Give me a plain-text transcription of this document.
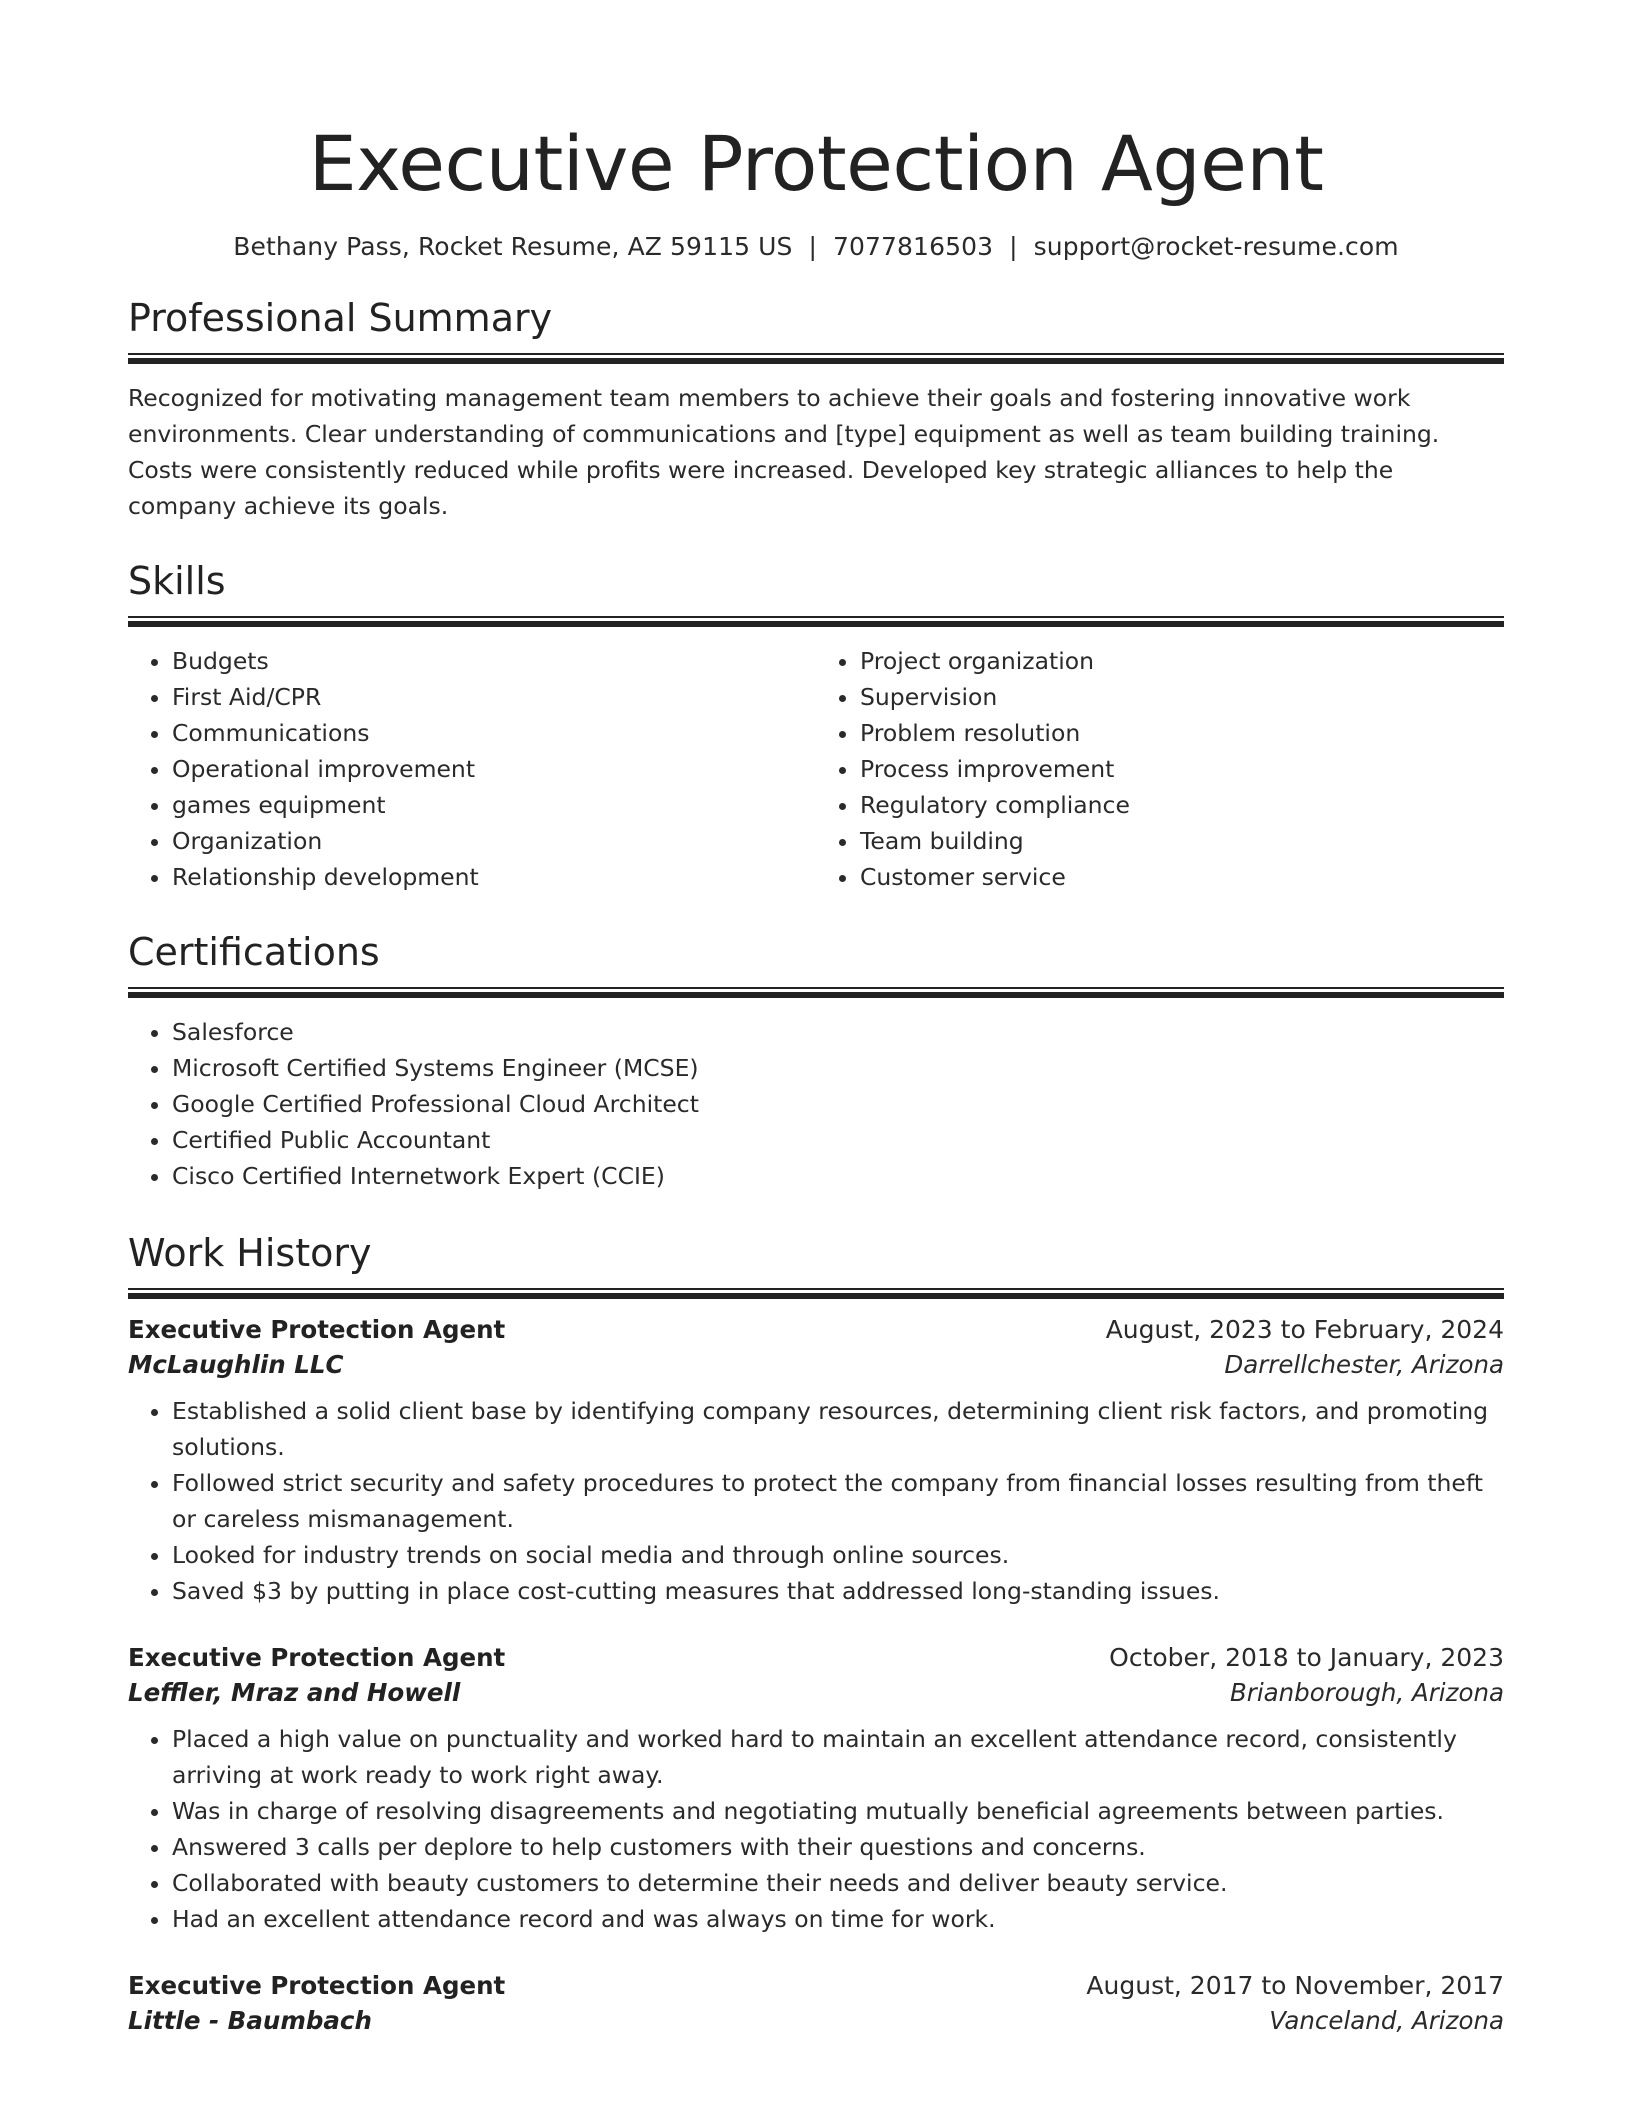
Executive Protection Agent
Bethany Pass, Rocket Resume, AZ 59115 US | 7077816503 | support@rocket-resume.com
Professional Summary

Recognized for motivating management team members to achieve their goals and fostering innovative work environments. Clear understanding of communications and [type] equipment as well as team building training. Costs were consistently reduced while profits were increased. Developed key strategic alliances to help the company achieve its goals.

Skills
• Budgets
• First Aid/CPR
• Communications
• Operational improvement
• games equipment
• Organization
• Relationship development
• Project organization
• Supervision
• Problem resolution
• Process improvement
• Regulatory compliance
• Team building
• Customer service
Certifications
• Salesforce
• Microsoft Certified Systems Engineer (MCSE)
• Google Certified Professional Cloud Architect
• Certified Public Accountant
• Cisco Certified Internetwork Expert (CCIE)
Work History
Executive Protection Agent	August, 2023 to February, 2024
McLaughlin LLC	Darrellchester, Arizona
• Established a solid client base by identifying company resources, determining client risk factors, and promoting solutions.
• Followed strict security and safety procedures to protect the company from financial losses resulting from theft or careless mismanagement.
• Looked for industry trends on social media and through online sources.
• Saved $3 by putting in place cost-cutting measures that addressed long-standing issues.
Executive Protection Agent	October, 2018 to January, 2023
Leffler, Mraz and Howell	Brianborough, Arizona
• Placed a high value on punctuality and worked hard to maintain an excellent attendance record, consistently arriving at work ready to work right away.
• Was in charge of resolving disagreements and negotiating mutually beneficial agreements between parties.
• Answered 3 calls per deplore to help customers with their questions and concerns.
• Collaborated with beauty customers to determine their needs and deliver beauty service.
• Had an excellent attendance record and was always on time for work.
Executive Protection Agent	August, 2017 to November, 2017
Little - Baumbach	Vanceland, Arizona
